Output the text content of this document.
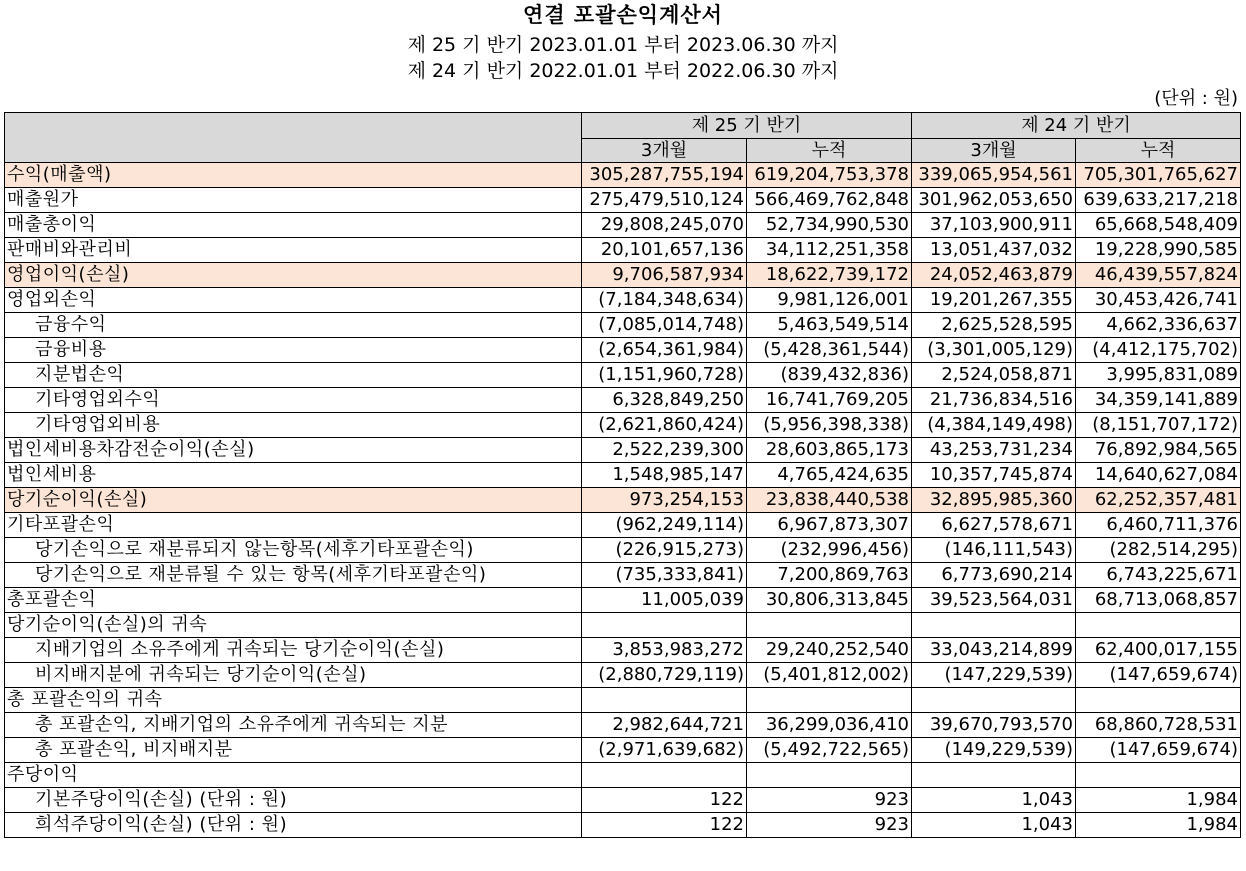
연결 포괄손익계산서
제 25 기 반기 2023.01.01 부터 2023.06.30 까지
제 24 기 반기 2022.01.01 부터 2022.06.30 까지
(단위 : 원)
	제 25 기 반기		제 24 기 반기	
	3개월	누적	3개월	누적
수익(매출액)	305,287,755,194	619,204,753,378	339,065,954,561	705,301,765,627
매출원가	275,479,510,124	566,469,762,848	301,962,053,650	639,633,217,218
매출총이익	29,808,245,070	52,734,990,530	37,103,900,911	65,668,548,409
판매비와관리비	20,101,657,136	34,112,251,358	13,051,437,032	19,228,990,585
영업이익(손실)	9,706,587,934	18,622,739,172	24,052,463,879	46,439,557,824
영업외손익	(7,184,348,634)	9,981,126,001	19,201,267,355	30,453,426,741
금융수익	(7,085,014,748)	5,463,549,514	2,625,528,595	4,662,336,637
금융비용	(2,654,361,984)	(5,428,361,544)	(3,301,005,129)	(4,412,175,702)
지분법손익	(1,151,960,728)	(839,432,836)	2,524,058,871	3,995,831,089
기타영업외수익	6,328,849,250	16,741,769,205	21,736,834,516	34,359,141,889
기타영업외비용	(2,621,860,424)	(5,956,398,338)	(4,384,149,498)	(8,151,707,172)
법인세비용차감전순이익(손실)	2,522,239,300	28,603,865,173	43,253,731,234	76,892,984,565
법인세비용	1,548,985,147	4,765,424,635	10,357,745,874	14,640,627,084
당기순이익(손실)	973,254,153	23,838,440,538	32,895,985,360	62,252,357,481
기타포괄손익	(962,249,114)	6,967,873,307	6,627,578,671	6,460,711,376
당기손익으로 재분류되지 않는항목(세후기타포괄손익)	(226,915,273)	(232,996,456)	(146,111,543)	(282,514,295)
당기손익으로 재분류될 수 있는 항목(세후기타포괄손익)	(735,333,841)	7,200,869,763	6,773,690,214	6,743,225,671
총포괄손익	11,005,039	30,806,313,845	39,523,564,031	68,713,068,857
당기순이익(손실)의 귀속				
지배기업의 소유주에게 귀속되는 당기순이익(손실)	3,853,983,272	29,240,252,540	33,043,214,899	62,400,017,155
비지배지분에 귀속되는 당기순이익(손실)	(2,880,729,119)	(5,401,812,002)	(147,229,539)	(147,659,674)
총 포괄손익의 귀속				
총 포괄손익, 지배기업의 소유주에게 귀속되는 지분	2,982,644,721	36,299,036,410	39,670,793,570	68,860,728,531
총 포괄손익, 비지배지분	(2,971,639,682)	(5,492,722,565)	(149,229,539)	(147,659,674)
주당이익				
기본주당이익(손실) (단위 : 원)	122	923	1,043	1,984
희석주당이익(손실) (단위 : 원)	122	923	1,043	1,984
